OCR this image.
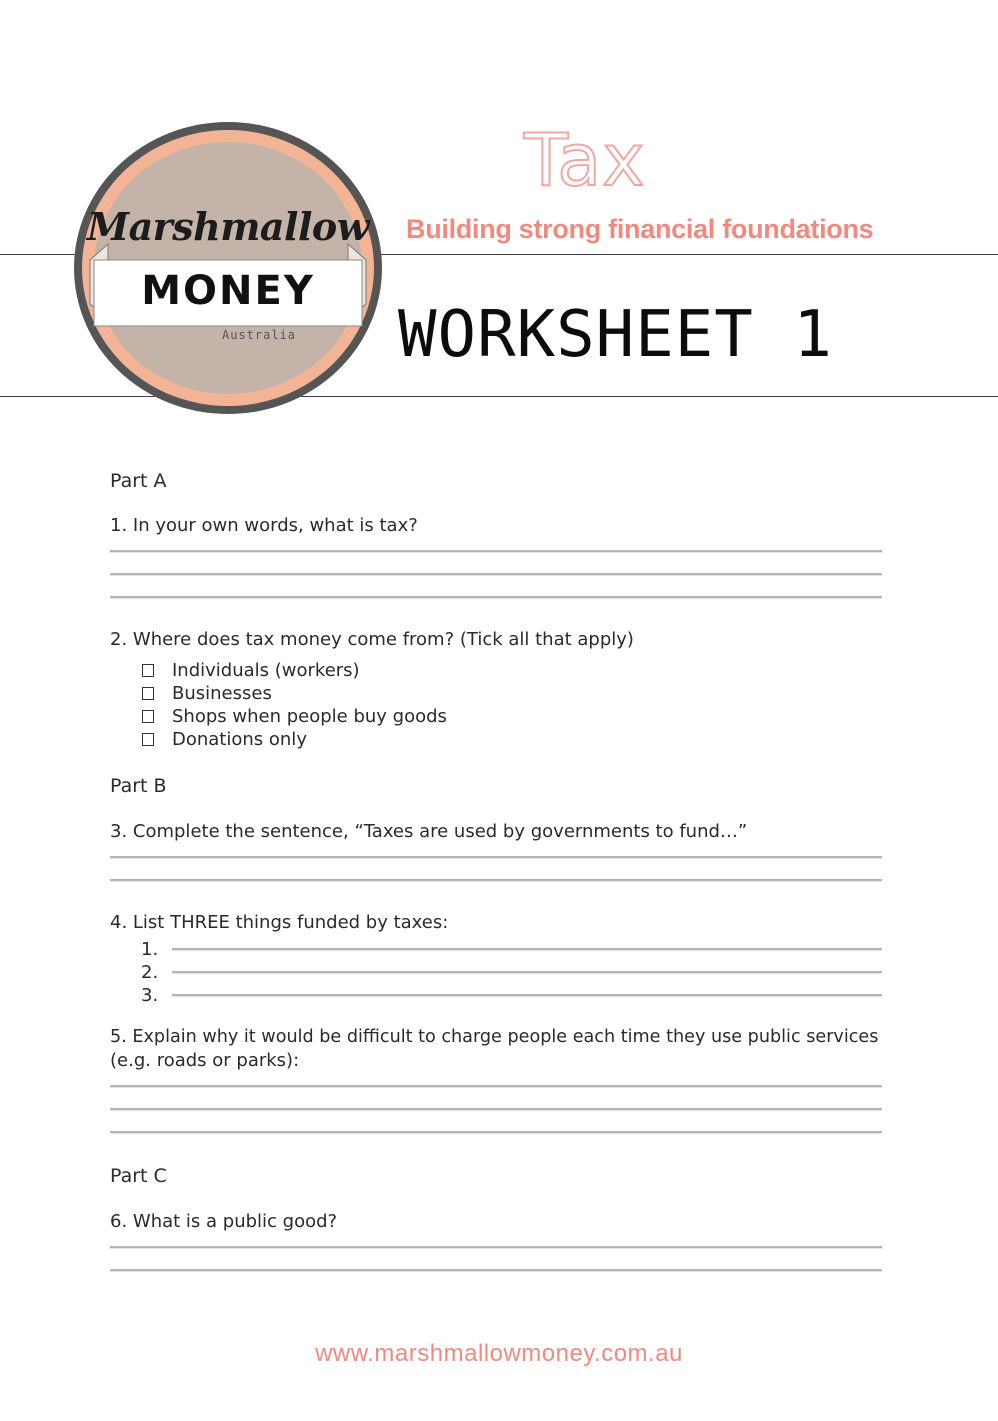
Marshmallow
MONEY
Australia
Tax
Building strong financial foundations
WORKSHEET 1
Part A
1. In your own words, what is tax?
2. Where does tax money come from? (Tick all that apply)
Individuals (workers)
Businesses
Shops when people buy goods
Donations only
Part B
3. Complete the sentence, “Taxes are used by governments to fund…”
4. List THREE things funded by taxes:
1.
2.
3.
5. Explain why it would be difficult to charge people each time they use public services
(e.g. roads or parks):
Part C
6. What is a public good?
www.marshmallowmoney.com.au
